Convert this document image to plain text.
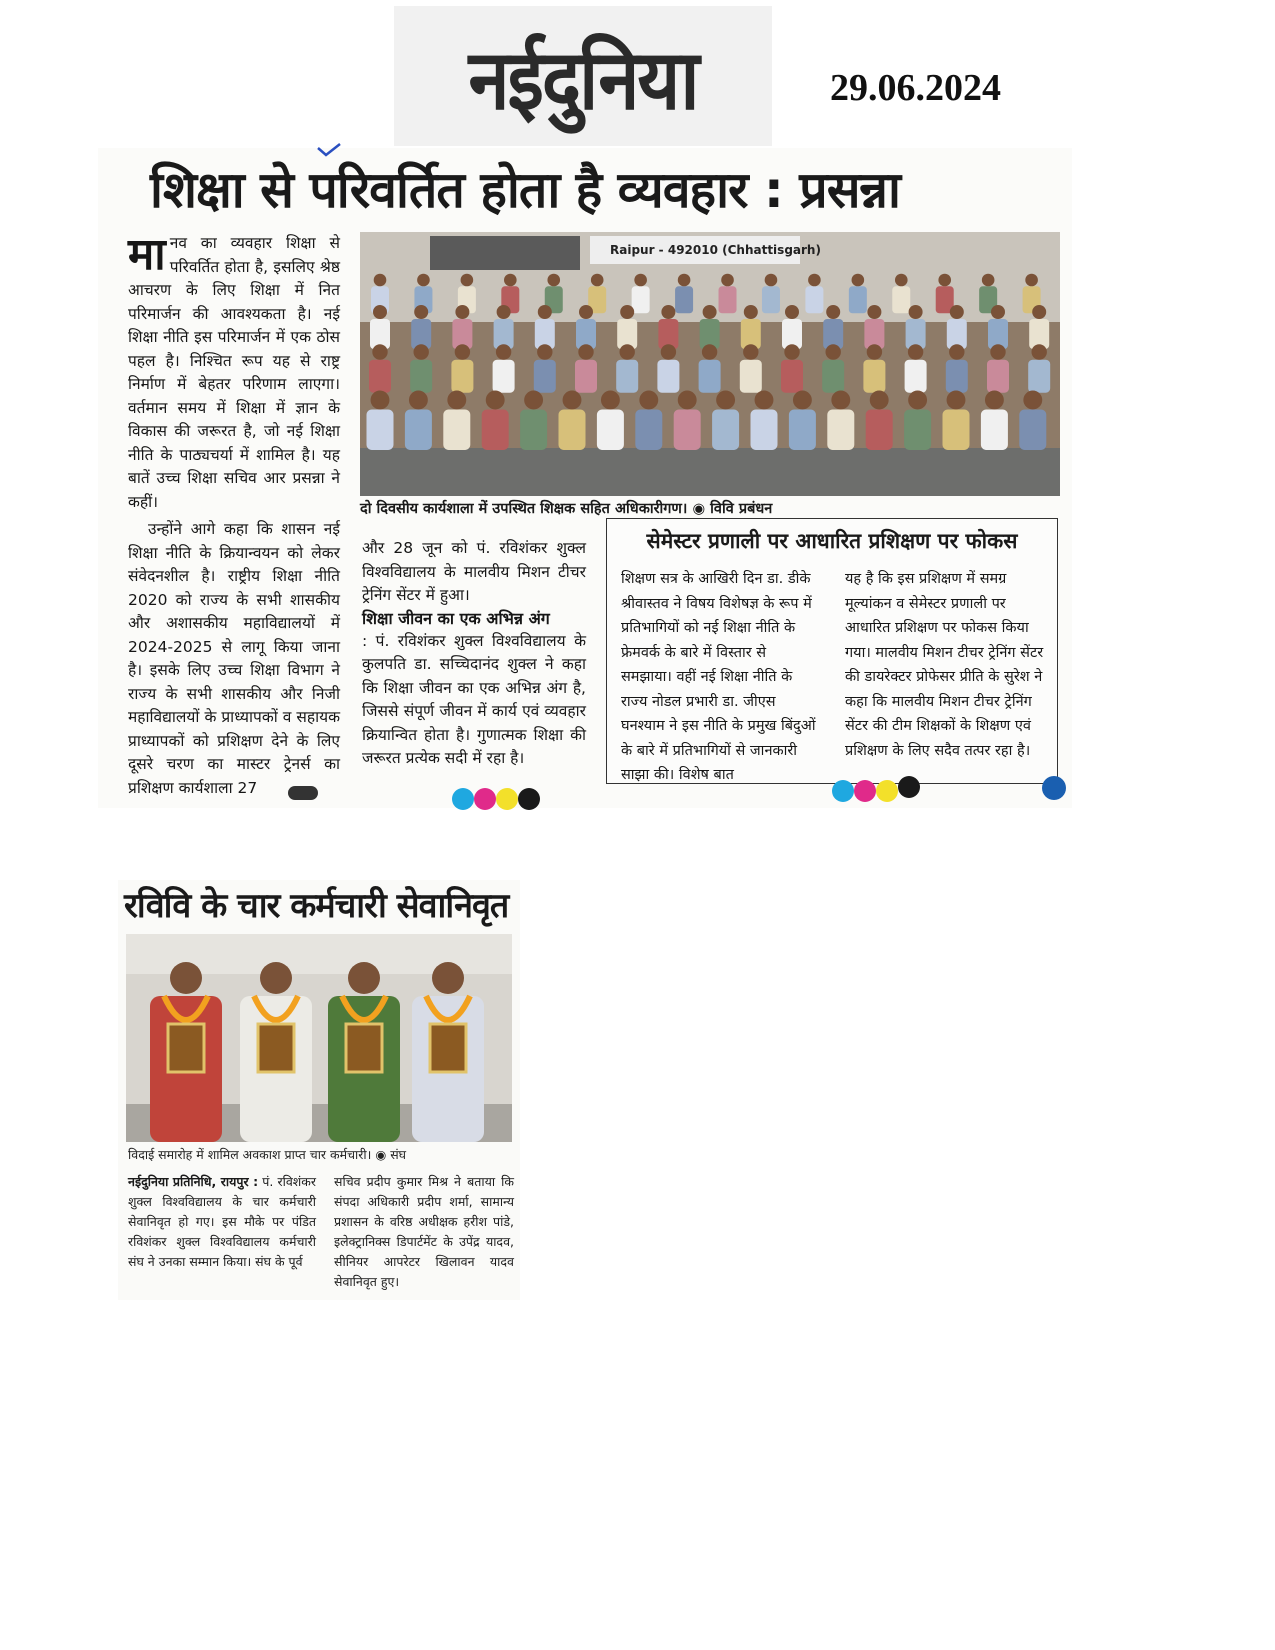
नईदुनिया	29.06.2024
शिक्षा से परिवर्तित होता है व्यवहार : प्रसन्ना

मानव का व्यवहार शिक्षा से परिवर्तित होता है, इसलिए श्रेष्ठ आचरण के लिए शिक्षा में नित परिमार्जन की आवश्यकता है। नई शिक्षा नीति इस परिमार्जन में एक ठोस पहल है। निश्चित रूप यह से राष्ट्र निर्माण में बेहतर परिणाम लाएगा। वर्तमान समय में शिक्षा में ज्ञान के विकास की जरूरत है, जो नई शिक्षा नीति के पाठ्यचर्या में शामिल है। यह बातें उच्च शिक्षा सचिव आर प्रसन्ना ने कहीं।

उन्होंने आगे कहा कि शासन नई शिक्षा नीति के क्रियान्वयन को लेकर संवेदनशील है। राष्ट्रीय शिक्षा नीति 2020 को राज्य के सभी शासकीय और अशासकीय महाविद्यालयों में 2024-2025 से लागू किया जाना है। इसके लिए उच्च शिक्षा विभाग ने राज्य के सभी शासकीय और निजी महाविद्यालयों के प्राध्यापकों व सहायक प्राध्यापकों को प्रशिक्षण देने के लिए दूसरे चरण का मास्टर ट्रेनर्स का प्रशिक्षण कार्यशाला 27

Raipur - 492010 (Chhattisgarh)
दो दिवसीय कार्यशाला में उपस्थित शिक्षक सहित अधिकारीगण। ◉ विवि प्रबंधन

और 28 जून को पं. रविशंकर शुक्ल विश्वविद्यालय के मालवीय मिशन टीचर ट्रेनिंग सेंटर में हुआ।

शिक्षा जीवन का एक अभिन्न अंग

: पं. रविशंकर शुक्ल विश्वविद्यालय के कुलपति डा. सच्चिदानंद शुक्ल ने कहा कि शिक्षा जीवन का एक अभिन्न अंग है, जिससे संपूर्ण जीवन में कार्य एवं व्यवहार क्रियान्वित होता है। गुणात्मक शिक्षा की जरूरत प्रत्येक सदी में रहा है।

सेमेस्टर प्रणाली पर आधारित प्रशिक्षण पर फोकस
शिक्षण सत्र के आखिरी दिन डा. डीके श्रीवास्तव ने विषय विशेषज्ञ के रूप में प्रतिभागियों को नई शिक्षा नीति के फ्रेमवर्क के बारे में विस्तार से समझाया। वहीं नई शिक्षा नीति के राज्य नोडल प्रभारी डा. जीएस घनश्याम ने इस नीति के प्रमुख बिंदुओं के बारे में प्रतिभागियों से जानकारी साझा की। विशेष बात
यह है कि इस प्रशिक्षण में समग्र मूल्यांकन व सेमेस्टर प्रणाली पर आधारित प्रशिक्षण पर फोकस किया गया। मालवीय मिशन टीचर ट्रेनिंग सेंटर की डायरेक्टर प्रोफेसर प्रीति के सुरेश ने कहा कि मालवीय मिशन टीचर ट्रेनिंग सेंटर की टीम शिक्षकों के शिक्षण एवं प्रशिक्षण के लिए सदैव तत्पर रहा है।
रविवि के चार कर्मचारी सेवानिवृत
विदाई समारोह में शामिल अवकाश प्राप्त चार कर्मचारी। ◉ संघ
नईदुनिया प्रतिनिधि, रायपुर : पं. रविशंकर शुक्ल विश्वविद्यालय के चार कर्मचारी सेवानिवृत हो गए। इस मौके पर पंडित रविशंकर शुक्ल विश्वविद्यालय कर्मचारी संघ ने उनका सम्मान किया। संघ के पूर्व
सचिव प्रदीप कुमार मिश्र ने बताया कि संपदा अधिकारी प्रदीप शर्मा, सामान्य प्रशासन के वरिष्ठ अधीक्षक हरीश पांडे, इलेक्ट्रानिक्स डिपार्टमेंट के उपेंद्र यादव, सीनियर आपरेटर खिलावन यादव सेवानिवृत हुए।
